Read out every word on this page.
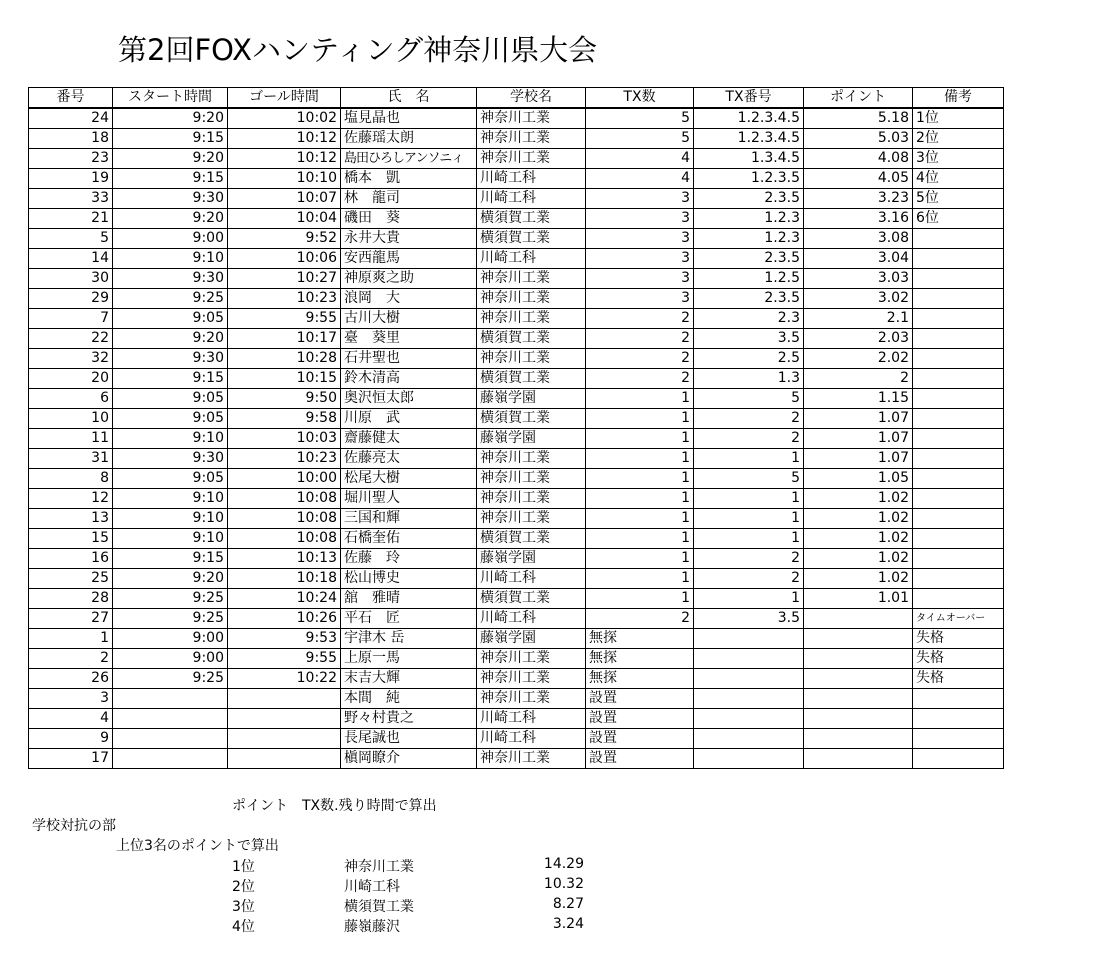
第2回FOXハンティング神奈川県大会
番号	スタート時間	ゴール時間	氏　名	学校名	TX数	TX番号	ポイント	備考
24	9:20	10:02	塩見晶也	神奈川工業	5	1.2.3.4.5	5.18	1位
18	9:15	10:12	佐藤瑶太朗	神奈川工業	5	1.2.3.4.5	5.03	2位
23	9:20	10:12	島田ひろしアンソニィ	神奈川工業	4	1.3.4.5	4.08	3位
19	9:15	10:10	橋本　凱	川崎工科	4	1.2.3.5	4.05	4位
33	9:30	10:07	林　龍司	川崎工科	3	2.3.5	3.23	5位
21	9:20	10:04	磯田　葵	横須賀工業	3	1.2.3	3.16	6位
5	9:00	9:52	永井大貴	横須賀工業	3	1.2.3	3.08	
14	9:10	10:06	安西龍馬	川崎工科	3	2.3.5	3.04	
30	9:30	10:27	神原爽之助	神奈川工業	3	1.2.5	3.03	
29	9:25	10:23	浪岡　大	神奈川工業	3	2.3.5	3.02	
7	9:05	9:55	古川大樹	神奈川工業	2	2.3	2.1	
22	9:20	10:17	臺　葵里	横須賀工業	2	3.5	2.03	
32	9:30	10:28	石井聖也	神奈川工業	2	2.5	2.02	
20	9:15	10:15	鈴木清高	横須賀工業	2	1.3	2	
6	9:05	9:50	奥沢恒太郎	藤嶺学園	1	5	1.15	
10	9:05	9:58	川原　武	横須賀工業	1	2	1.07	
11	9:10	10:03	齋藤健太	藤嶺学園	1	2	1.07	
31	9:30	10:23	佐藤亮太	神奈川工業	1	1	1.07	
8	9:05	10:00	松尾大樹	神奈川工業	1	5	1.05	
12	9:10	10:08	堀川聖人	神奈川工業	1	1	1.02	
13	9:10	10:08	三国和輝	神奈川工業	1	1	1.02	
15	9:10	10:08	石橋奎佑	横須賀工業	1	1	1.02	
16	9:15	10:13	佐藤　玲	藤嶺学園	1	2	1.02	
25	9:20	10:18	松山博史	川崎工科	1	2	1.02	
28	9:25	10:24	舘　雅晴	横須賀工業	1	1	1.01	
27	9:25	10:26	平石　匠	川崎工科	2	3.5		タイムオーバー
1	9:00	9:53	宇津木 岳	藤嶺学園	無探			失格
2	9:00	9:55	上原一馬	神奈川工業	無探			失格
26	9:25	10:22	末吉大輝	神奈川工業	無探			失格
3			本間　純	神奈川工業	設置			
4			野々村貴之	川崎工科	設置			
9			長尾誠也	川崎工科	設置			
17			槇岡瞭介	神奈川工業	設置			
ポイント　TX数.残り時間で算出
学校対抗の部
上位3名のポイントで算出
1位	神奈川工業	14.29
2位	川崎工科	10.32
3位	横須賀工業	8.27
4位	藤嶺藤沢	3.24
